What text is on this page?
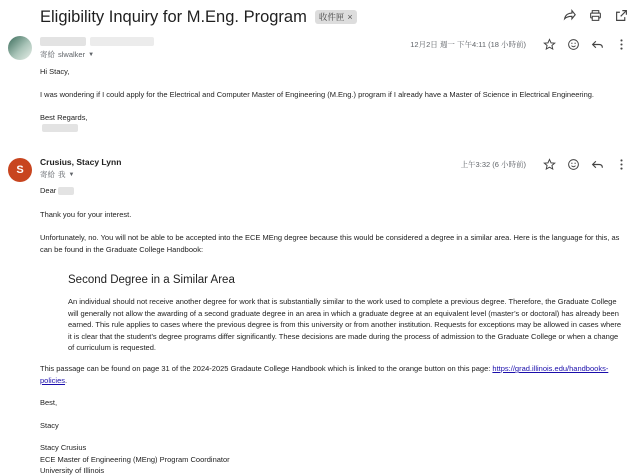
Eligibility Inquiry for M.Eng. Program 收件匣 ×
寄給 slwalker ▼
12月2日 週一 下午4:11 (18 小時前)

Hi Stacy,

I was wondering if I could apply for the Electrical and Computer Master of Engineering (M.Eng.) program if I already have a Master of Science in Electrical Engineering.

Best Regards,

S
Crusius, Stacy Lynn
寄給 我 ▼
上午3:32 (6 小時前)

Dear

Thank you for your interest.

Unfortunately, no. You will not be able to be accepted into the ECE MEng degree because this would be considered a degree in a similar area. Here is the language for this, as can be found in the Graduate College Handbook:

Second Degree in a Similar Area

An individual should not receive another degree for work that is substantially similar to the work used to complete a previous degree. Therefore, the Graduate College will generally not allow the awarding of a second graduate degree in an area in which a graduate degree at an equivalent level (master’s or doctoral) has already been earned. This rule applies to cases where the previous degree is from this university or from another institution. Requests for exceptions may be allowed in cases where it is clear that the student’s degree programs differ significantly. These decisions are made during the process of admission to the Graduate College or when a change of curriculum is requested.

This passage can be found on page 31 of the 2024-2025 Gradaute College Handbook which is linked to the orange button on this page: https://grad.illinois.edu/handbooks-policies.

Best,

Stacy

Stacy Crusius

ECE Master of Engineering (MEng) Program Coordinator

University of Illinois
